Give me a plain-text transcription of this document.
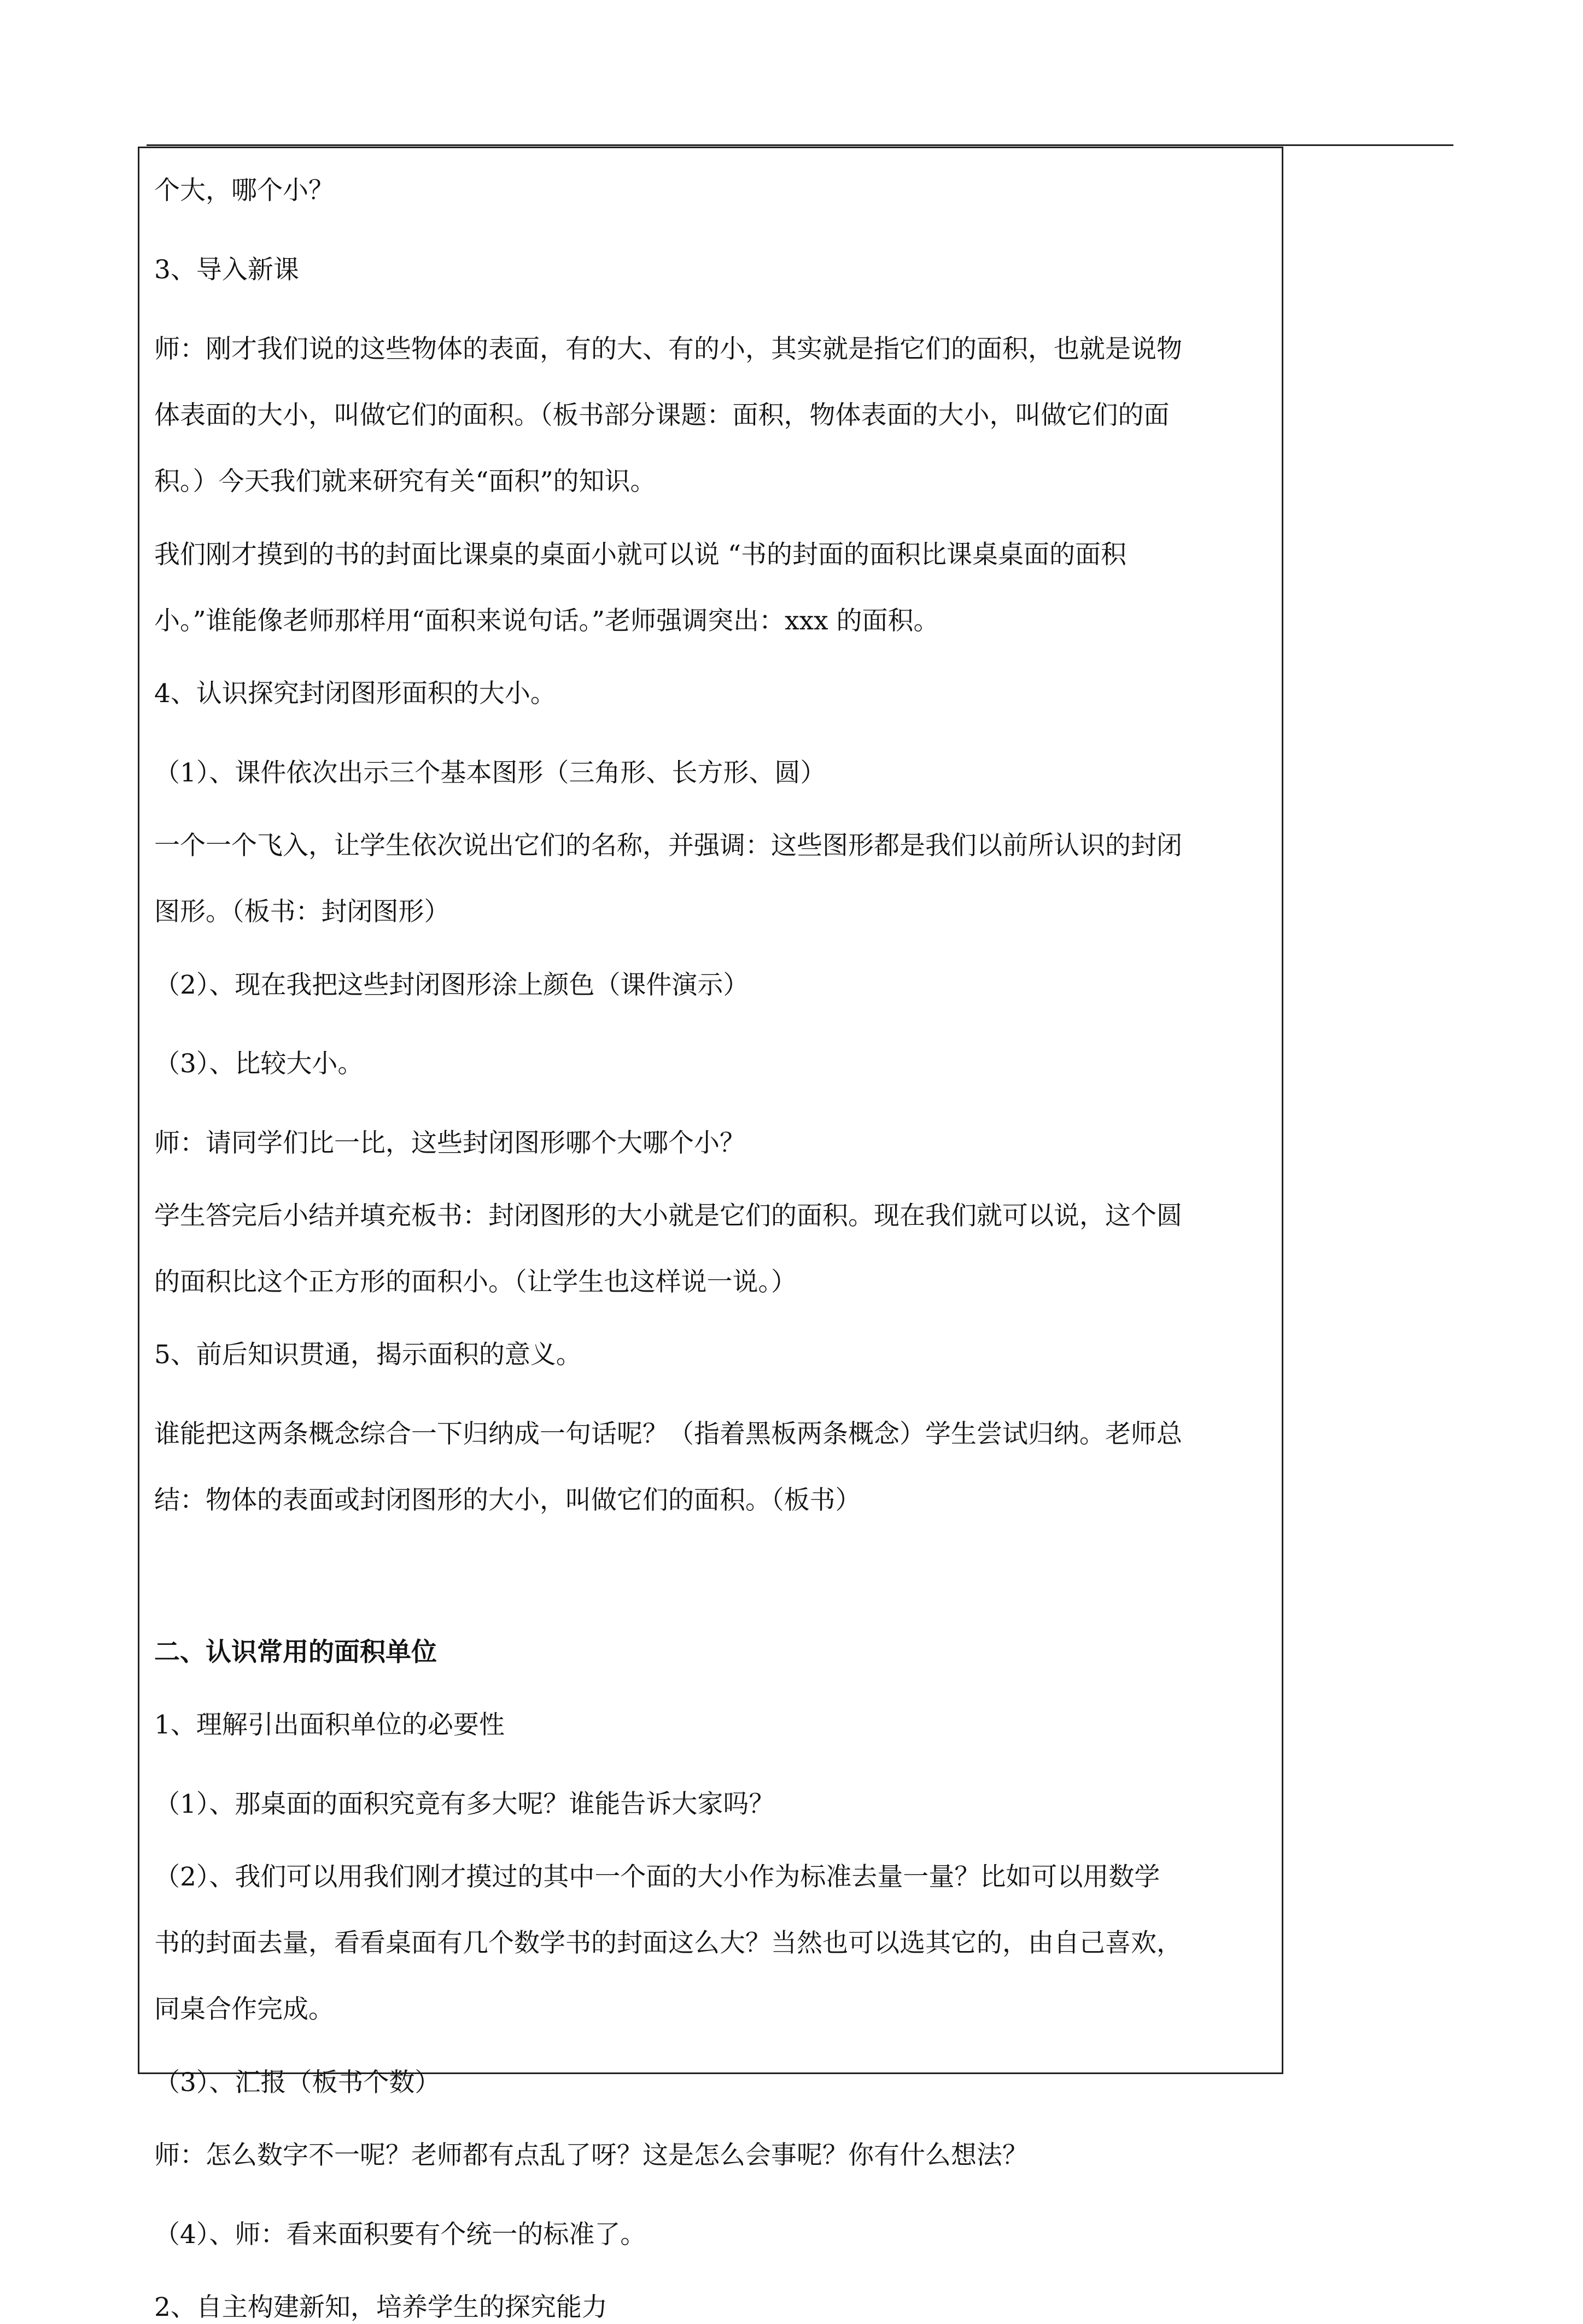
个大，哪个小？
3、导入新课
师：刚才我们说的这些物体的表面，有的大、有的小，其实就是指它们的面积，也就是说物
体表面的大小，叫做它们的面积。（板书部分课题：面积，物体表面的大小，叫做它们的面
积。）今天我们就来研究有关“面积”的知识。
我们刚才摸到的书的封面比课桌的桌面小就可以说 “书的封面的面积比课桌桌面的面积
小。”谁能像老师那样用“面积来说句话。”老师强调突出：xxx 的面积。
4、认识探究封闭图形面积的大小。
（1）、课件依次出示三个基本图形（三角形、长方形、圆）
一个一个飞入，让学生依次说出它们的名称，并强调：这些图形都是我们以前所认识的封闭
图形。（板书：封闭图形）
（2）、现在我把这些封闭图形涂上颜色（课件演示）
（3）、比较大小。
师：请同学们比一比，这些封闭图形哪个大哪个小？
学生答完后小结并填充板书：封闭图形的大小就是它们的面积。现在我们就可以说，这个圆
的面积比这个正方形的面积小。（让学生也这样说一说。）
5、前后知识贯通，揭示面积的意义。
谁能把这两条概念综合一下归纳成一句话呢？（指着黑板两条概念）学生尝试归纳。老师总
结：物体的表面或封闭图形的大小，叫做它们的面积。（板书）
二、认识常用的面积单位
1、理解引出面积单位的必要性
（1）、那桌面的面积究竟有多大呢？谁能告诉大家吗？
（2）、我们可以用我们刚才摸过的其中一个面的大小作为标准去量一量？比如可以用数学
书的封面去量，看看桌面有几个数学书的封面这么大？当然也可以选其它的，由自己喜欢，
同桌合作完成。
（3）、汇报（板书个数）
师：怎么数字不一呢？老师都有点乱了呀？这是怎么会事呢？你有什么想法？
（4）、师：看来面积要有个统一的标准了。
2、自主构建新知，培养学生的探究能力
